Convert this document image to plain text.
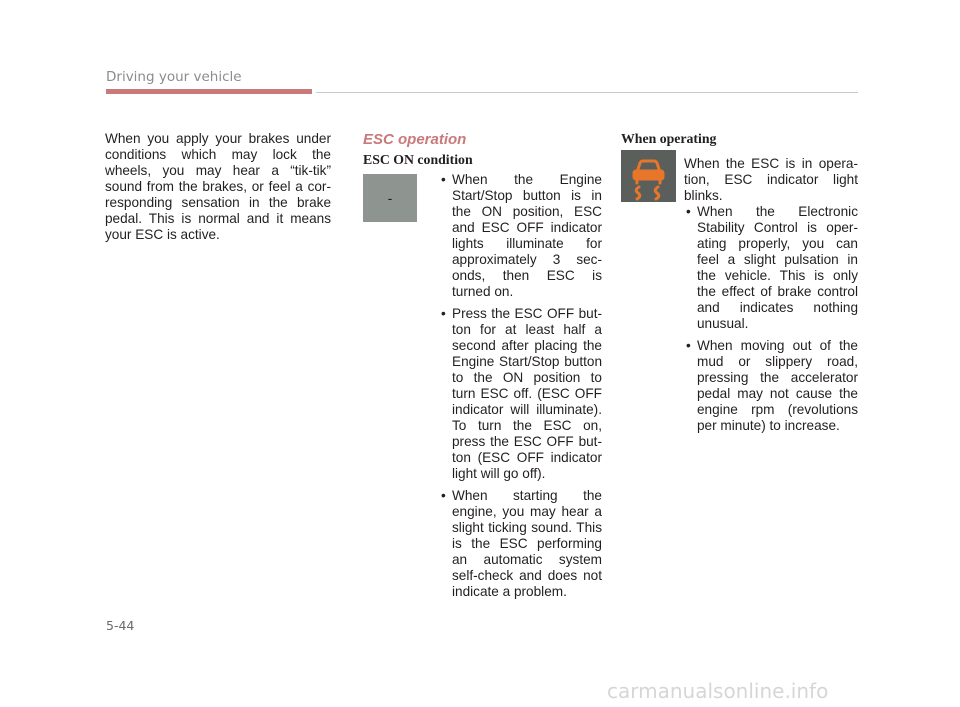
Driving your vehicle

When you apply your brakes under conditions which may lock the wheels, you may hear a “tik-tik” sound from the brakes, or feel a cor-responding sensation in the brake pedal. This is normal and it means your ESC is active.

ESC operation
ESC ON condition
-
• When the Engine Start/Stop button is in the ON position, ESC and ESC OFF indicator lights illuminate for approximately 3 sec-onds, then ESC is turned on.
• Press the ESC OFF but-ton for at least half a second after placing the Engine Start/Stop button to the ON position to turn ESC off. (ESC OFF indicator will illuminate). To turn the ESC on, press the ESC OFF but-ton (ESC OFF indicator light will go off).
• When starting the engine, you may hear a slight ticking sound. This is the ESC performing an automatic system self-check and does not indicate a problem.
When operating

When the ESC is in opera-tion, ESC indicator light blinks.

• When the Electronic Stability Control is oper-ating properly, you can feel a slight pulsation in the vehicle. This is only the effect of brake control and indicates nothing unusual.
• When moving out of the mud or slippery road, pressing the accelerator pedal may not cause the engine rpm (revolutions per minute) to increase.
5-44
carmanualsonline.info
